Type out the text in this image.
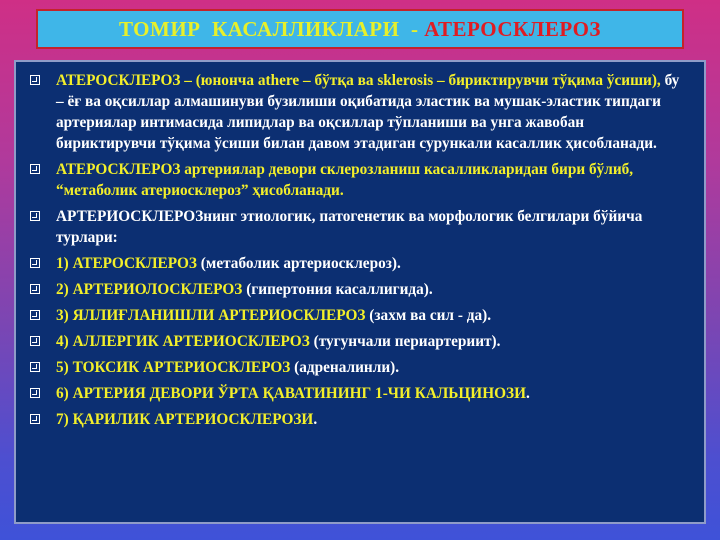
ТОМИР  КАСАЛЛИКЛАРИ  - АТЕРОСКЛЕРОЗ
АТЕРОСКЛЕРОЗ – (юнонча athere – бўтқа ва sklerosis – бириктирувчи тўқима ўсиши), бу – ёғ ва оқсиллар алмашинуви бузилиши оқибатида эластик ва мушак-эластик типдаги артериялар интимасида липидлар ва оқсиллар тўпланиши ва унга жавобан бириктирувчи тўқима ўсиши билан давом этадиган сурункали касаллик ҳисобланади.
АТЕРОСКЛЕРОЗ артериялар девори склерозланиш касалликларидан бири бўлиб, “метаболик атериосклероз” ҳисобланади.
АРТЕРИОСКЛЕРОЗнинг этиологик, патогенетик ва морфологик белгилари бўйича турлари:
1) АТЕРОСКЛЕРОЗ (метаболик артериосклероз).
2) АРТЕРИОЛОСКЛЕРОЗ (гипертония касаллигида).
3) ЯЛЛИҒЛАНИШЛИ АРТЕРИОСКЛЕРОЗ (захм ва сил - да).
4) АЛЛЕРГИК АРТЕРИОСКЛЕРОЗ (тугунчали периартериит).
5) ТОКСИК АРТЕРИОСКЛЕРОЗ (адреналинли).
6) АРТЕРИЯ ДЕВОРИ ЎРТА ҚАВАТИНИНГ 1-ЧИ КАЛЬЦИНОЗИ.
7) ҚАРИЛИК АРТЕРИОСКЛЕРОЗИ.
